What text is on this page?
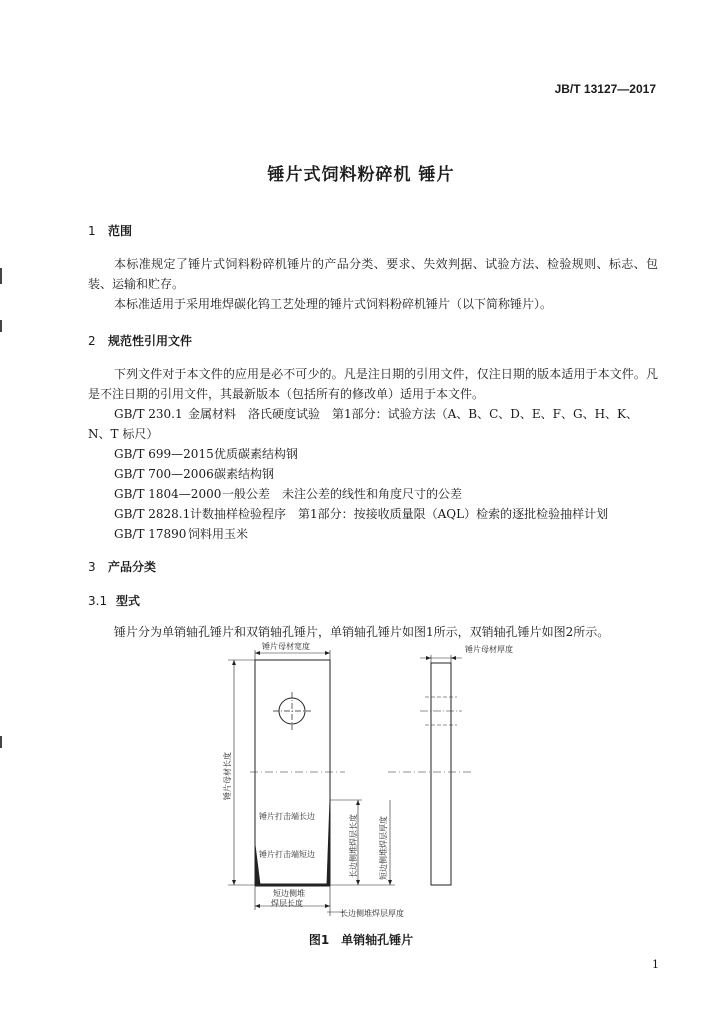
JB/T 13127—2017
锤片式饲料粉碎机 锤片
1 范围
本标准规定了锤片式饲料粉碎机锤片的产品分类、要求、失效判据、试验方法、检验规则、标志、包装、运输和贮存。
本标准适用于采用堆焊碳化钨工艺处理的锤片式饲料粉碎机锤片（以下简称锤片）。
2 规范性引用文件
下列文件对于本文件的应用是必不可少的。凡是注日期的引用文件，仅注日期的版本适用于本文件。凡是不注日期的引用文件，其最新版本（包括所有的修改单）适用于本文件。
GB/T 230.1 金属材料　洛氏硬度试验　第1部分：试验方法（A、B、C、D、E、F、G、H、K、
N、T 标尺）
GB/T 699—2015优质碳素结构钢
GB/T 700—2006碳素结构钢
GB/T 1804—2000一般公差　未注公差的线性和角度尺寸的公差
GB/T 2828.1计数抽样检验程序　第1部分：按接收质量限（AQL）检索的逐批检验抽样计划
GB/T 17890 饲料用玉米
3 产品分类
3.1 型式
锤片分为单销轴孔锤片和双销轴孔锤片，单销轴孔锤片如图1所示，双销轴孔锤片如图2所示。
锤片母材宽度	锤片母材厚度
锤片母材长度
锤片打击端长边
锤片打击端短边	长边侧堆焊层长度	短边侧堆焊层厚度
短边侧堆
焊层长度
长边侧堆焊层厚度
图1　单销轴孔锤片
1
